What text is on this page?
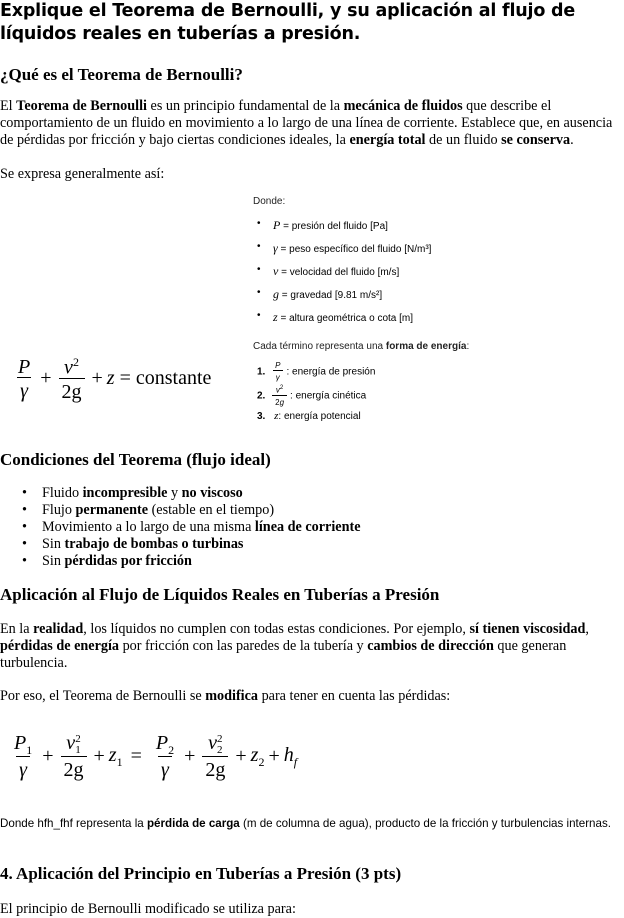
Explique el Teorema de Bernoulli, y su aplicación al flujo de líquidos reales en tuberías a presión.
¿Qué es el Teorema de Bernoulli?
El Teorema de Bernoulli es un principio fundamental de la mecánica de fluidos que describe el comportamiento de un fluido en movimiento a lo largo de una línea de corriente. Establece que, en ausencia de pérdidas por fricción y bajo ciertas condiciones ideales, la energía total de un fluido se conserva.
Se expresa generalmente así:
$\frac{P}{\gamma} + \frac{v^2}{2g} + z$ = constante
Donde:
• P = presión del fluido [Pa]
• γ = peso específico del fluido [N/m³]
• v = velocidad del fluido [m/s]
• g = gravedad [9.81 m/s²]
• z = altura geométrica o cota [m]
Cada término representa una forma de energía:
1. $\frac{P}{\gamma}$ : energía de presión
2. $\frac{v^2}{2g}$ : energía cinética
3. z: energía potencial
Condiciones del Teorema (flujo ideal)
• Fluido incompresible y no viscoso
• Flujo permanente (estable en el tiempo)
• Movimiento a lo largo de una misma línea de corriente
• Sin trabajo de bombas o turbinas
• Sin pérdidas por fricción
Aplicación al Flujo de Líquidos Reales en Tuberías a Presión
En la realidad, los líquidos no cumplen con todas estas condiciones. Por ejemplo, sí tienen viscosidad, pérdidas de energía por fricción con las paredes de la tubería y cambios de dirección que generan turbulencia.
Por eso, el Teorema de Bernoulli se modifica para tener en cuenta las pérdidas:
$\frac{P_1}{\gamma} + v$ 2
1
$2g + z_1 = \frac{P_2}{\gamma} + v$ 2
2
$2g + z_2 + h_f$
Donde hfh_fhf representa la pérdida de carga (m de columna de agua), producto de la fricción y turbulencias internas.
4. Aplicación del Principio en Tuberías a Presión (3 pts)
El principio de Bernoulli modificado se utiliza para:
